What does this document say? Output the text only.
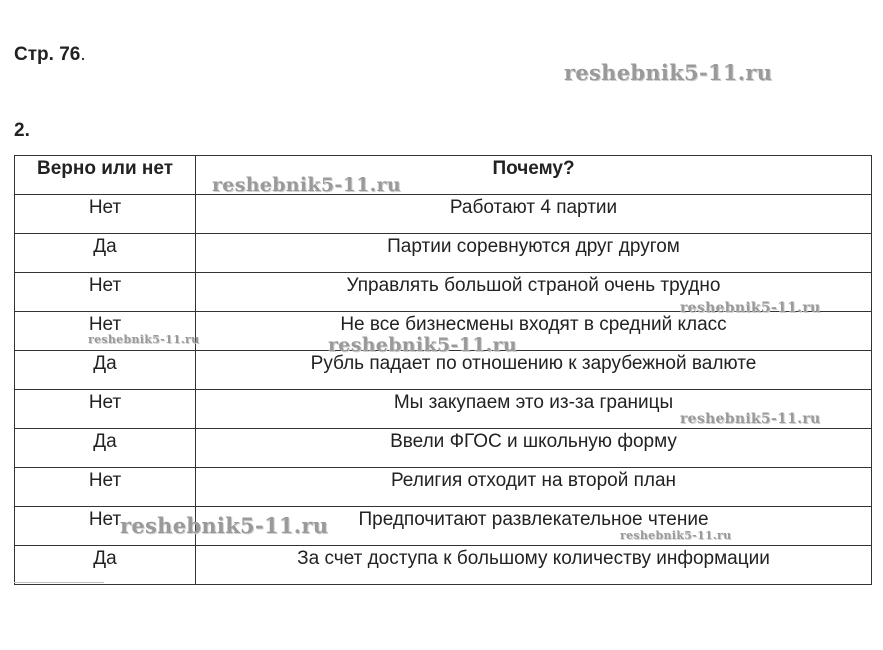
Стр. 76.
2.
Верно или нет	Почему?
Нет	Работают 4 партии
Да	Партии соревнуются друг другом
Нет	Управлять большой страной очень трудно
Нет	Не все бизнесмены входят в средний класс
Да	Рубль падает по отношению к зарубежной валюте
Нет	Мы закупаем это из-за границы
Да	Ввели ФГОС и школьную форму
Нет	Религия отходит на второй план
Нет	Предпочитают развлекательное чтение
Да	За счет доступа к большому количеству информации
reshebnik5-11.ru
reshebnik5-11.ru
reshebnik5-11.ru
reshebnik5-11.ru	reshebnik5-11.ru
reshebnik5-11.ru
reshebnik5-11.ru	reshebnik5-11.ru
